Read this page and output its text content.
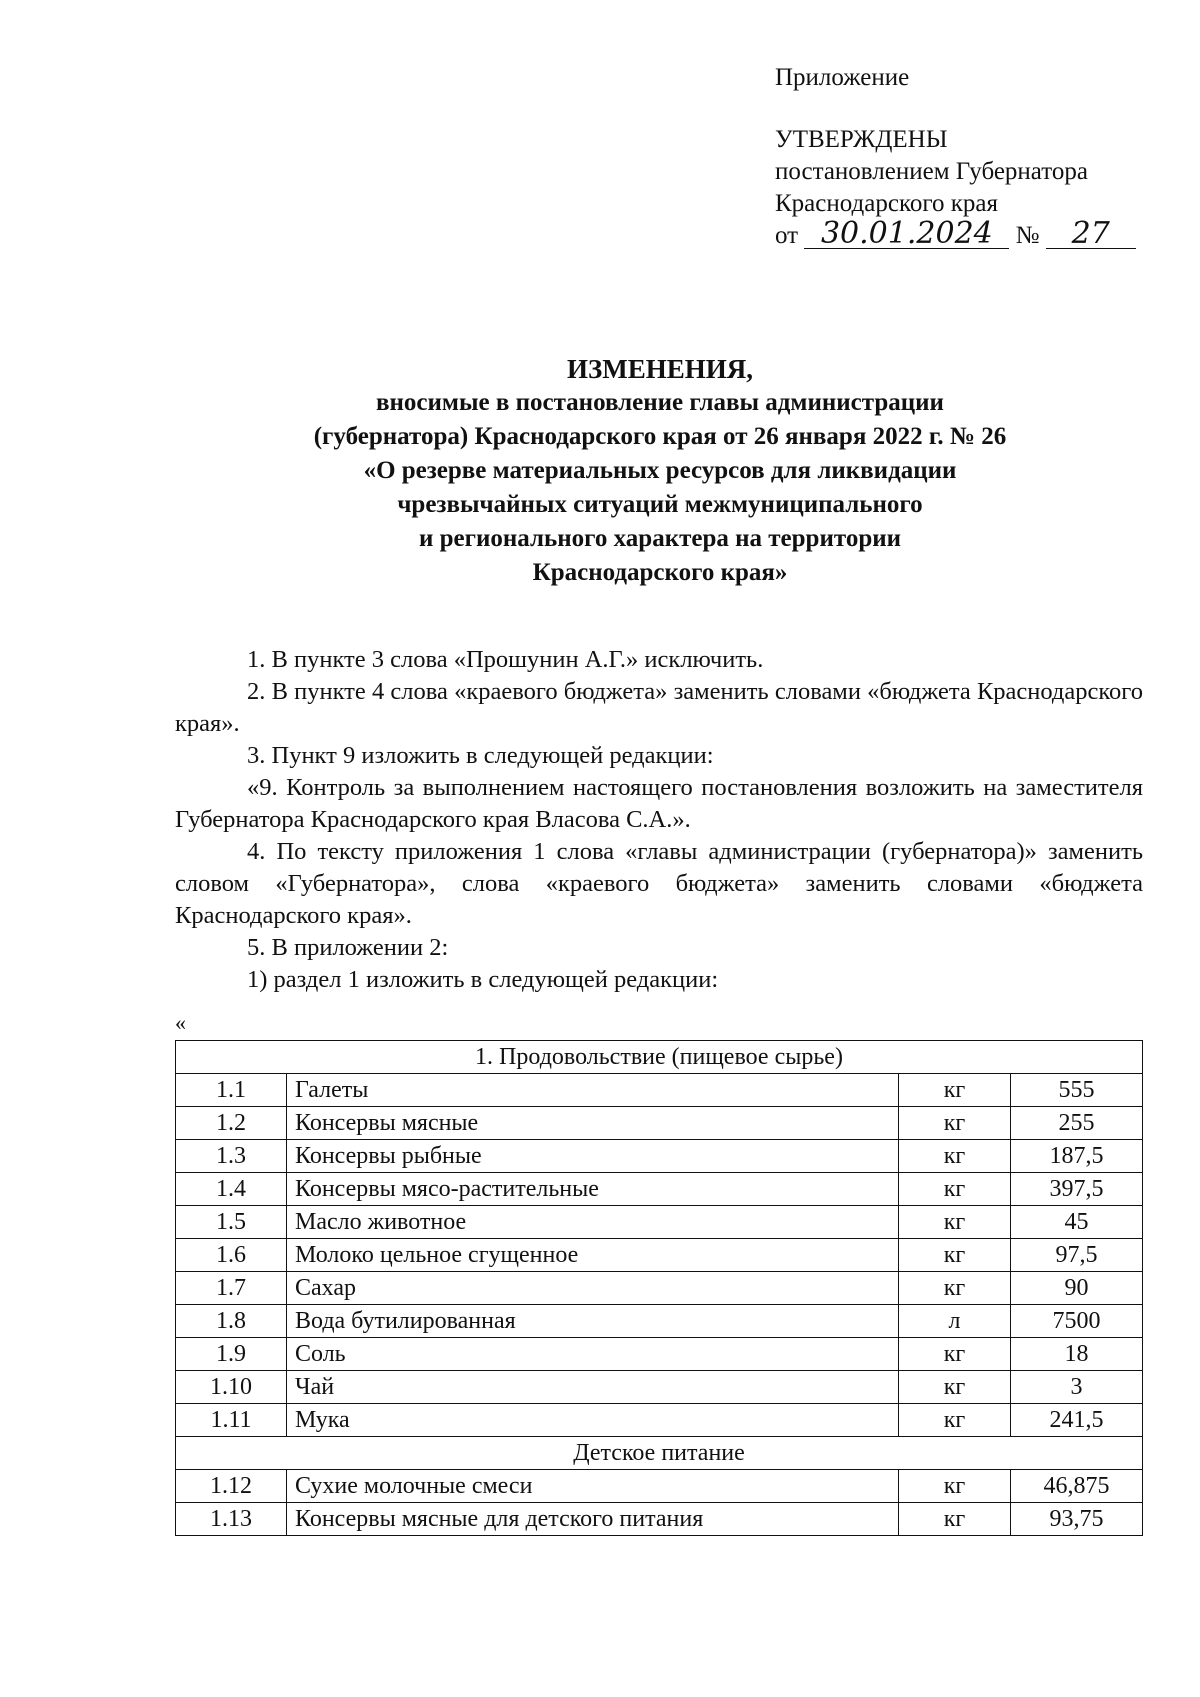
Приложение
УТВЕРЖДЕНЫ
постановлением Губернатора
Краснодарского края
от 30.01.2024 № 27
ИЗМЕНЕНИЯ,
вносимые в постановление главы администрации
(губернатора) Краснодарского края от 26 января 2022 г. № 26
«О резерве материальных ресурсов для ликвидации
чрезвычайных ситуаций межмуниципального
и регионального характера на территории
Краснодарского края»

1. В пункте 3 слова «Прошунин А.Г.» исключить.

2. В пункте 4 слова «краевого бюджета» заменить словами «бюджета Краснодарского края».

3. Пункт 9 изложить в следующей редакции:

«9. Контроль за выполнением настоящего постановления возложить на заместителя Губернатора Краснодарского края Власова С.А.».

4. По тексту приложения 1 слова «главы администрации (губернатора)» заменить словом «Губернатора», слова «краевого бюджета» заменить словами «бюджета Краснодарского края».

5. В приложении 2:

1) раздел 1 изложить в следующей редакции:

«
1. Продовольствие (пищевое сырье)			
1.1	Галеты	кг	555
1.2	Консервы мясные	кг	255
1.3	Консервы рыбные	кг	187,5
1.4	Консервы мясо-растительные	кг	397,5
1.5	Масло животное	кг	45
1.6	Молоко цельное сгущенное	кг	97,5
1.7	Сахар	кг	90
1.8	Вода бутилированная	л	7500
1.9	Соль	кг	18
1.10	Чай	кг	3
1.11	Мука	кг	241,5
Детское питание			
1.12	Сухие молочные смеси	кг	46,875
1.13	Консервы мясные для детского питания	кг	93,75
